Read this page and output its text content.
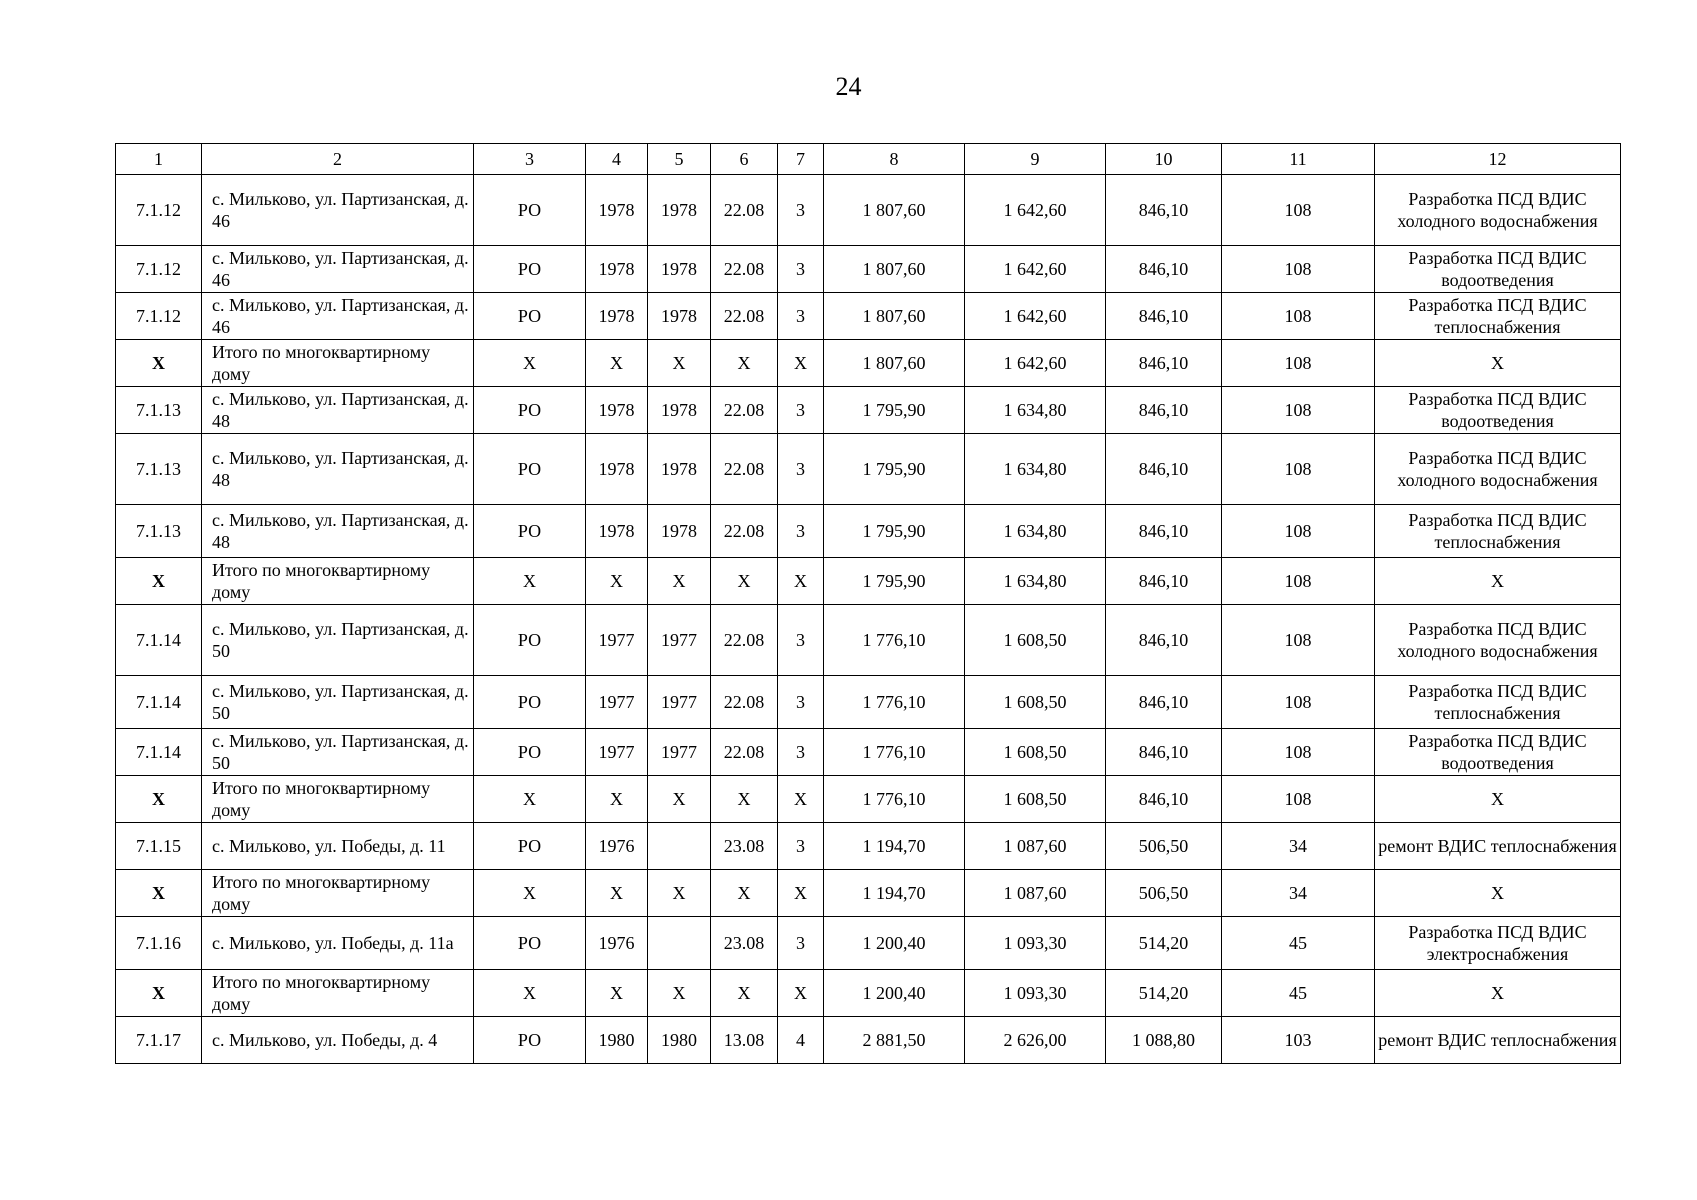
24
1	2	3	4	5	6	7	8	9	10	11	12
7.1.12	с. Мильково, ул. Партизанская, д. 46	РО	1978	1978	22.08	3	1 807,60	1 642,60	846,10	108	Разработка ПСД ВДИС холодного водоснабжения
7.1.12	с. Мильково, ул. Партизанская, д. 46	РО	1978	1978	22.08	3	1 807,60	1 642,60	846,10	108	Разработка ПСД ВДИС водоотведения
7.1.12	с. Мильково, ул. Партизанская, д. 46	РО	1978	1978	22.08	3	1 807,60	1 642,60	846,10	108	Разработка ПСД ВДИС теплоснабжения
X	Итого по многоквартирному дому	X	X	X	X	X	1 807,60	1 642,60	846,10	108	X
7.1.13	с. Мильково, ул. Партизанская, д. 48	РО	1978	1978	22.08	3	1 795,90	1 634,80	846,10	108	Разработка ПСД ВДИС водоотведения
7.1.13	с. Мильково, ул. Партизанская, д. 48	РО	1978	1978	22.08	3	1 795,90	1 634,80	846,10	108	Разработка ПСД ВДИС холодного водоснабжения
7.1.13	с. Мильково, ул. Партизанская, д. 48	РО	1978	1978	22.08	3	1 795,90	1 634,80	846,10	108	Разработка ПСД ВДИС теплоснабжения
X	Итого по многоквартирному дому	X	X	X	X	X	1 795,90	1 634,80	846,10	108	X
7.1.14	с. Мильково, ул. Партизанская, д. 50	РО	1977	1977	22.08	3	1 776,10	1 608,50	846,10	108	Разработка ПСД ВДИС холодного водоснабжения
7.1.14	с. Мильково, ул. Партизанская, д. 50	РО	1977	1977	22.08	3	1 776,10	1 608,50	846,10	108	Разработка ПСД ВДИС теплоснабжения
7.1.14	с. Мильково, ул. Партизанская, д. 50	РО	1977	1977	22.08	3	1 776,10	1 608,50	846,10	108	Разработка ПСД ВДИС водоотведения
X	Итого по многоквартирному дому	X	X	X	X	X	1 776,10	1 608,50	846,10	108	X
7.1.15	с. Мильково, ул. Победы, д. 11	РО	1976		23.08	3	1 194,70	1 087,60	506,50	34	ремонт ВДИС теплоснабжения
X	Итого по многоквартирному дому	X	X	X	X	X	1 194,70	1 087,60	506,50	34	X
7.1.16	с. Мильково, ул. Победы, д. 11а	РО	1976		23.08	3	1 200,40	1 093,30	514,20	45	Разработка ПСД ВДИС электроснабжения
X	Итого по многоквартирному дому	X	X	X	X	X	1 200,40	1 093,30	514,20	45	X
7.1.17	с. Мильково, ул. Победы, д. 4	РО	1980	1980	13.08	4	2 881,50	2 626,00	1 088,80	103	ремонт ВДИС теплоснабжения
